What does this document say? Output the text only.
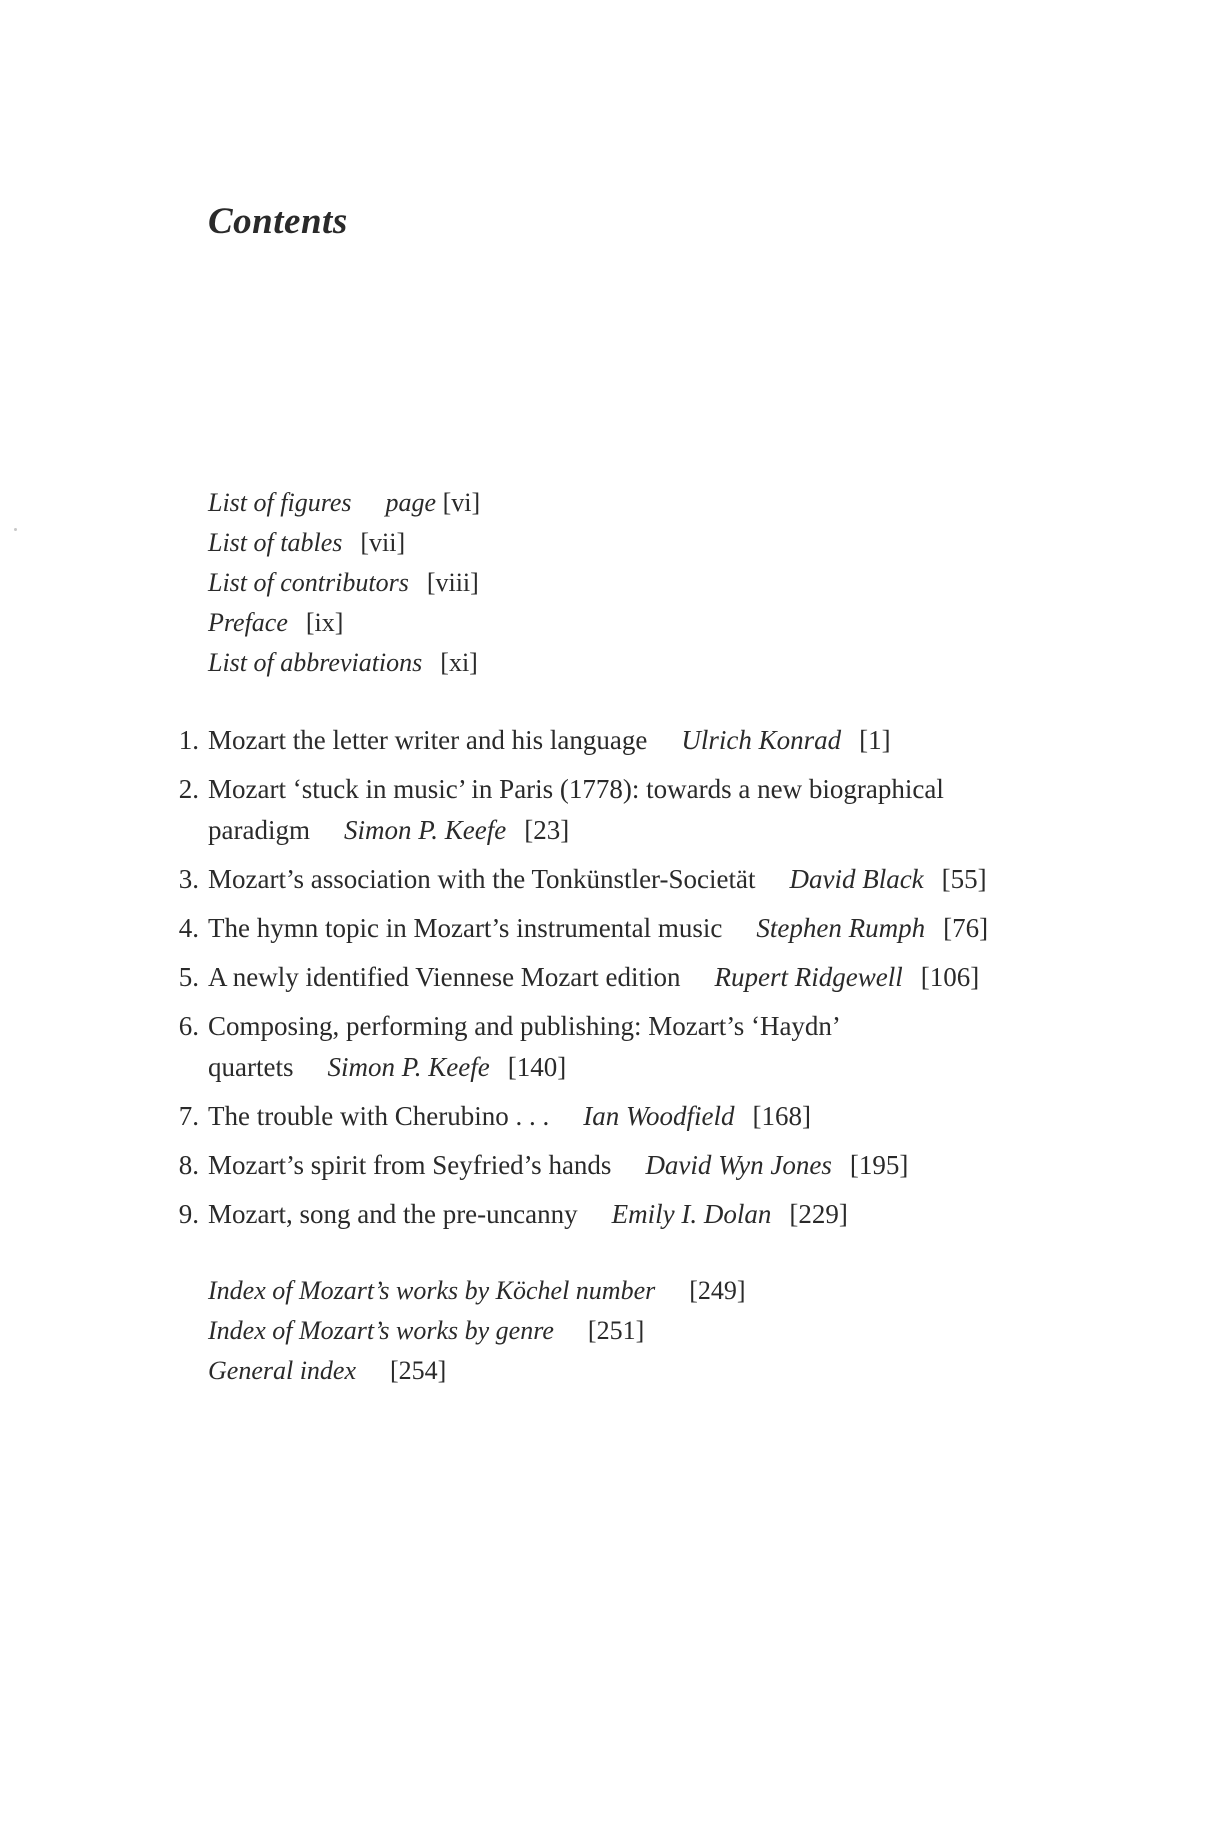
Contents
List of figures page [vi]
List of tables [vii]
List of contributors [viii]
Preface [ix]
List of abbreviations [xi]
1. Mozart the letter writer and his language Ulrich Konrad [1]
2. Mozart ‘stuck in music’ in Paris (1778): towards a new biographical
paradigm Simon P. Keefe [23]
3. Mozart’s association with the Tonkünstler-Societät David Black [55]
4. The hymn topic in Mozart’s instrumental music Stephen Rumph [76]
5. A newly identified Viennese Mozart edition Rupert Ridgewell [106]
6. Composing, performing and publishing: Mozart’s ‘Haydn’
quartets Simon P. Keefe [140]
7. The trouble with Cherubino . . . Ian Woodfield [168]
8. Mozart’s spirit from Seyfried’s hands David Wyn Jones [195]
9. Mozart, song and the pre-uncanny Emily I. Dolan [229]
Index of Mozart’s works by Köchel number [249]
Index of Mozart’s works by genre [251]
General index [254]
